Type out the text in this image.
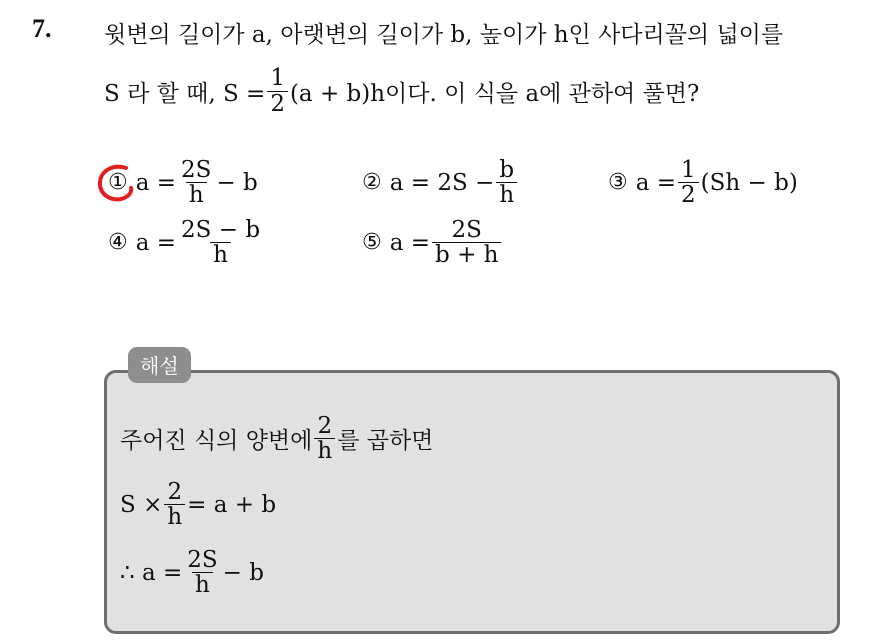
7. 윗변의 길이가 a, 아랫변의 길이가 b, 높이가 h인 사다리꼴의 넓이를
S 라 할 때, $S = \frac{1}{2} (a + b)h$이다. 이 식을 a에 관하여 풀면?
① $a = \frac{2S}{h} - b$	② $a = 2S - \frac{b}{h}$	③ $a = \frac{1}{2} (Sh - b)$
④ $a = \frac{2S - b}{h}$	⑤ $a = \frac{2S}{b + h}$
해설
주어진 식의 양변에 $\frac{2}{h}$ 를 곱하면
$S \times \frac{2}{h} = a + b$
∴ $a = \frac{2S}{h} - b$
